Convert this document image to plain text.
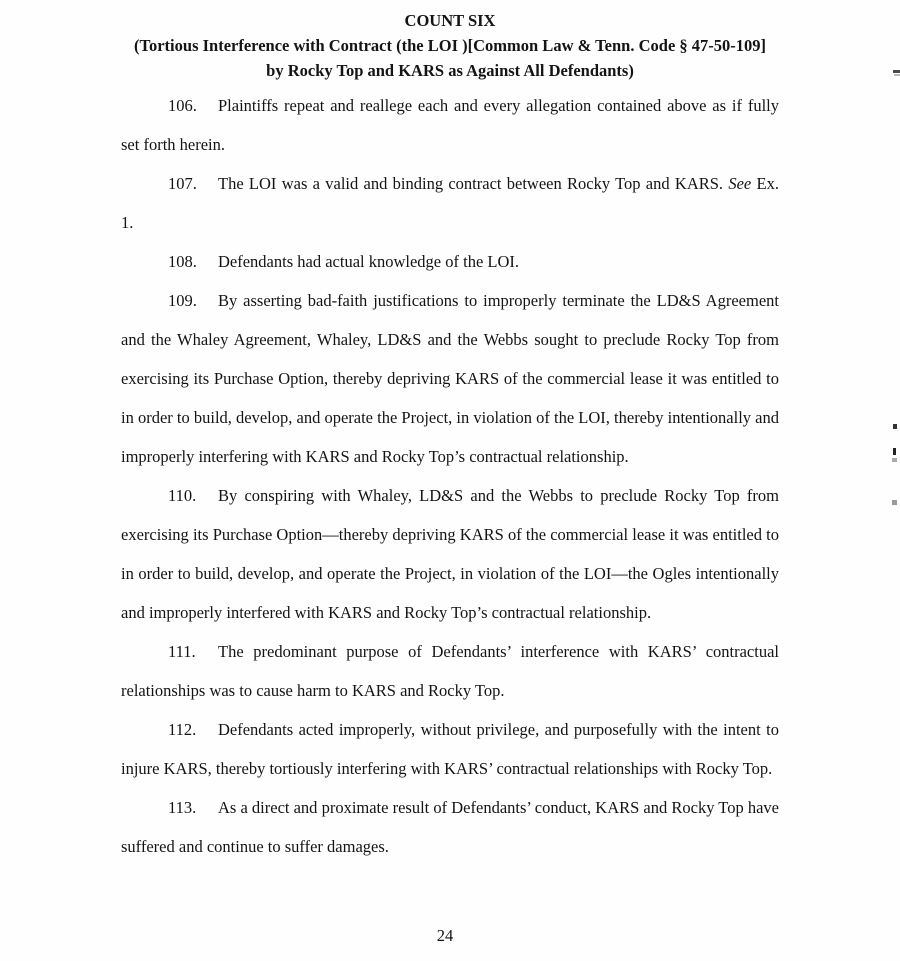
COUNT SIX
(Tortious Interference with Contract (the LOI )[Common Law & Tenn. Code § 47-50-109]
by Rocky Top and KARS as Against All Defendants)

106. Plaintiffs repeat and reallege each and every allegation contained above as if fully set forth herein.

107. The LOI was a valid and binding contract between Rocky Top and KARS. See Ex. 1.

108. Defendants had actual knowledge of the LOI.

109. By asserting bad-faith justifications to improperly terminate the LD&S Agreement and the Whaley Agreement, Whaley, LD&S and the Webbs sought to preclude Rocky Top from exercising its Purchase Option, thereby depriving KARS of the commercial lease it was entitled to in order to build, develop, and operate the Project, in violation of the LOI, thereby intentionally and improperly interfering with KARS and Rocky Top’s contractual relationship.

110. By conspiring with Whaley, LD&S and the Webbs to preclude Rocky Top from exercising its Purchase Option—thereby depriving KARS of the commercial lease it was entitled to in order to build, develop, and operate the Project, in violation of the LOI—the Ogles intentionally and improperly interfered with KARS and Rocky Top’s contractual relationship.

111. The predominant purpose of Defendants’ interference with KARS’ contractual relationships was to cause harm to KARS and Rocky Top.

112. Defendants acted improperly, without privilege, and purposefully with the intent to injure KARS, thereby tortiously interfering with KARS’ contractual relationships with Rocky Top.

113. As a direct and proximate result of Defendants’ conduct, KARS and Rocky Top have suffered and continue to suffer damages.

24
